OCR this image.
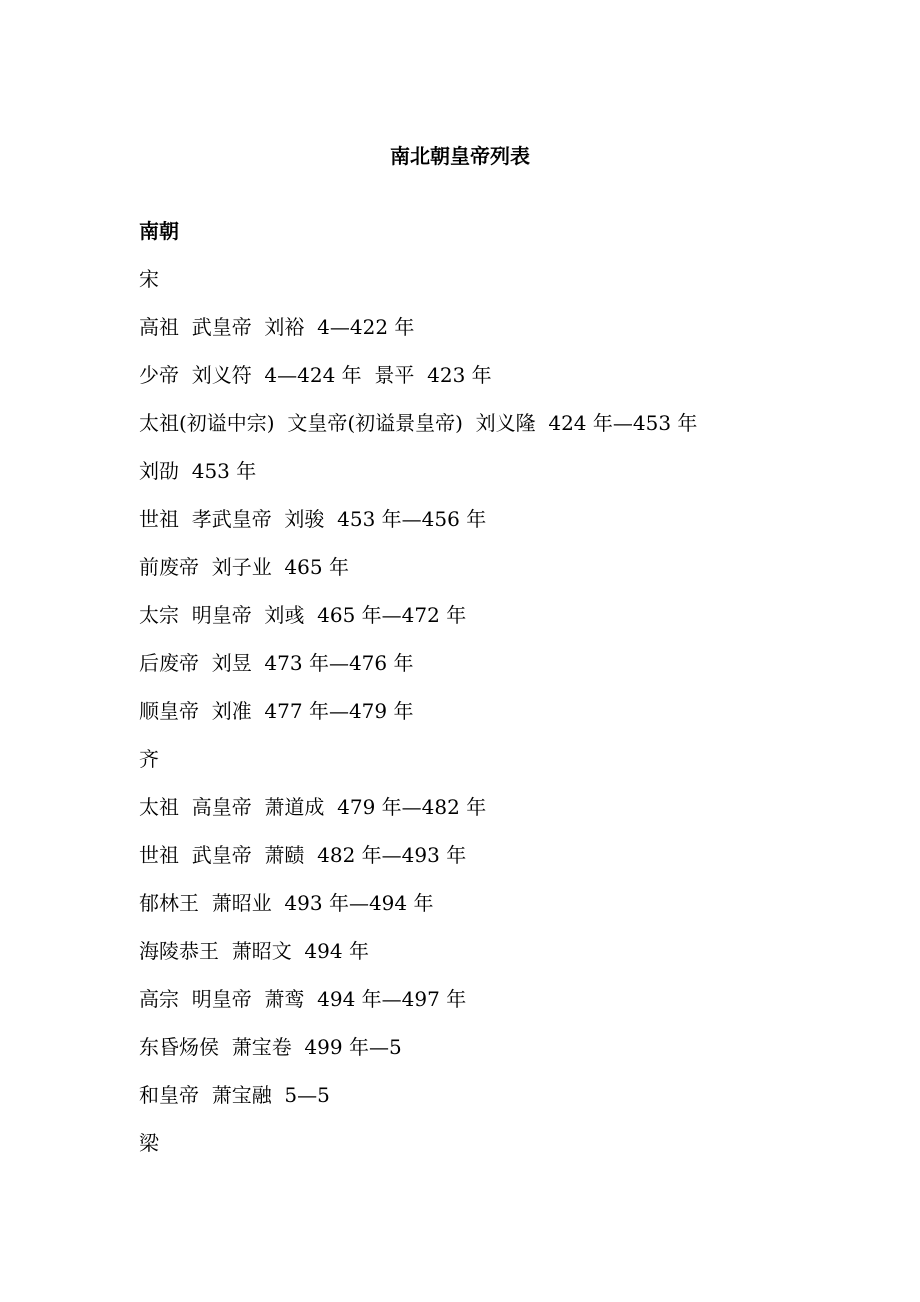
南北朝皇帝列表

南朝

宋

高祖  武皇帝  刘裕  4—422 年

少帝  刘义符  4—424 年  景平  423 年

太祖(初谥中宗)  文皇帝(初谥景皇帝)  刘义隆  424 年—453 年

刘劭  453 年

世祖  孝武皇帝  刘骏  453 年—456 年

前废帝  刘子业  465 年

太宗  明皇帝  刘彧  465 年—472 年

后废帝  刘昱  473 年—476 年

顺皇帝  刘准  477 年—479 年

齐

太祖  高皇帝  萧道成  479 年—482 年

世祖  武皇帝  萧赜  482 年—493 年

郁林王  萧昭业  493 年—494 年

海陵恭王  萧昭文  494 年

高宗  明皇帝  萧鸾  494 年—497 年

东昏炀侯  萧宝卷  499 年—5

和皇帝  萧宝融  5—5

梁
